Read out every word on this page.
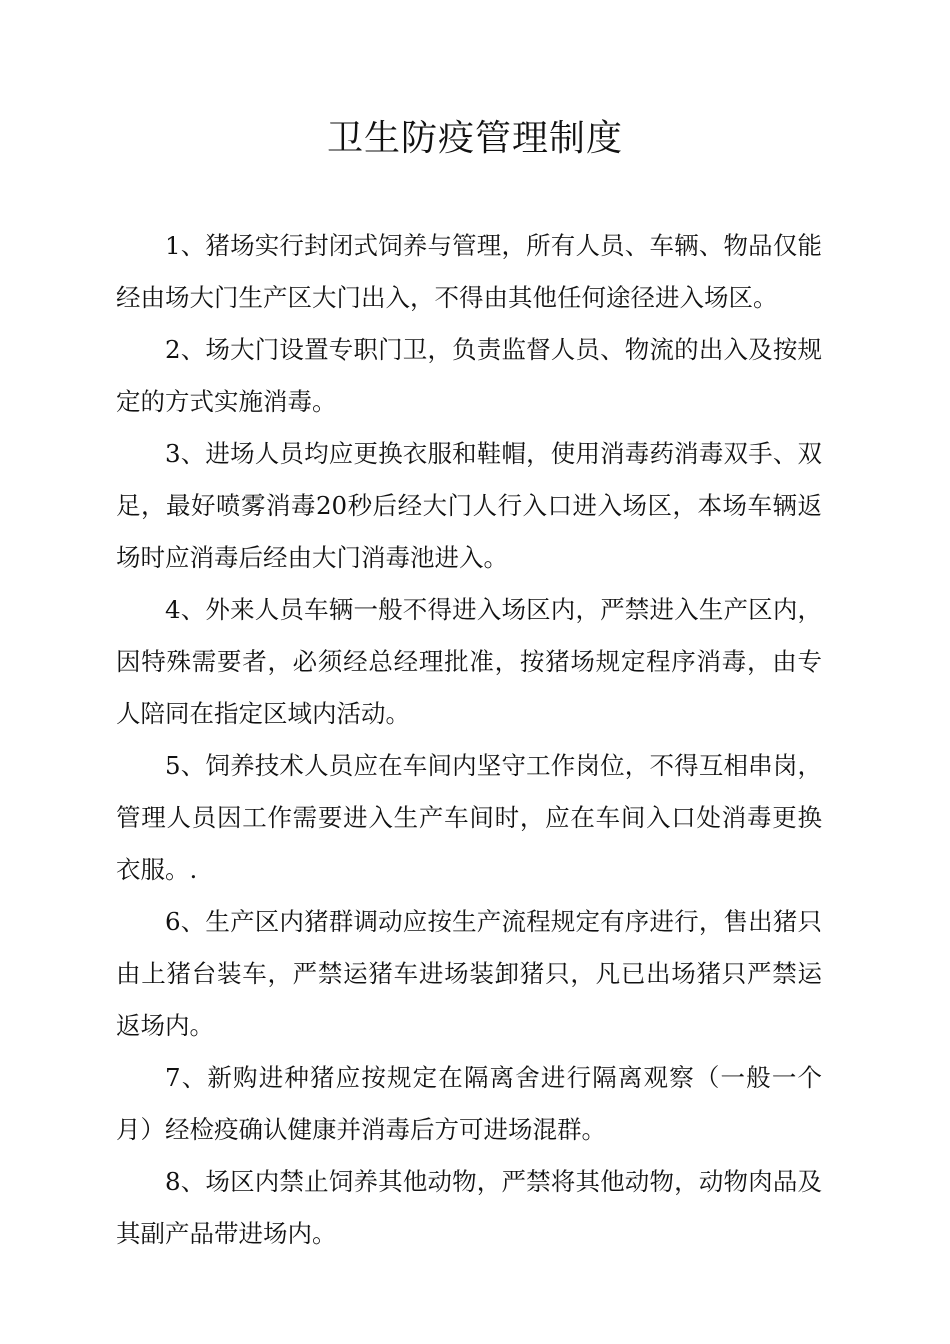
卫生防疫管理制度

1、猪场实行封闭式饲养与管理，所有人员、车辆、物品仅能经由场大门生产区大门出入，不得由其他任何途径进入场区。

2、场大门设置专职门卫，负责监督人员、物流的出入及按规定的方式实施消毒。

3、进场人员均应更换衣服和鞋帽，使用消毒药消毒双手、双足，最好喷雾消毒20秒后经大门人行入口进入场区，本场车辆返场时应消毒后经由大门消毒池进入。

4、外来人员车辆一般不得进入场区内，严禁进入生产区内，因特殊需要者，必须经总经理批准，按猪场规定程序消毒，由专人陪同在指定区域内活动。

5、饲养技术人员应在车间内坚守工作岗位，不得互相串岗，管理人员因工作需要进入生产车间时，应在车间入口处消毒更换衣服。.

6、生产区内猪群调动应按生产流程规定有序进行，售出猪只由上猪台装车，严禁运猪车进场装卸猪只，凡已出场猪只严禁运返场内。

7、新购进种猪应按规定在隔离舍进行隔离观察（一般一个月）经检疫确认健康并消毒后方可进场混群。

8、场区内禁止饲养其他动物，严禁将其他动物，动物肉品及其副产品带进场内。
